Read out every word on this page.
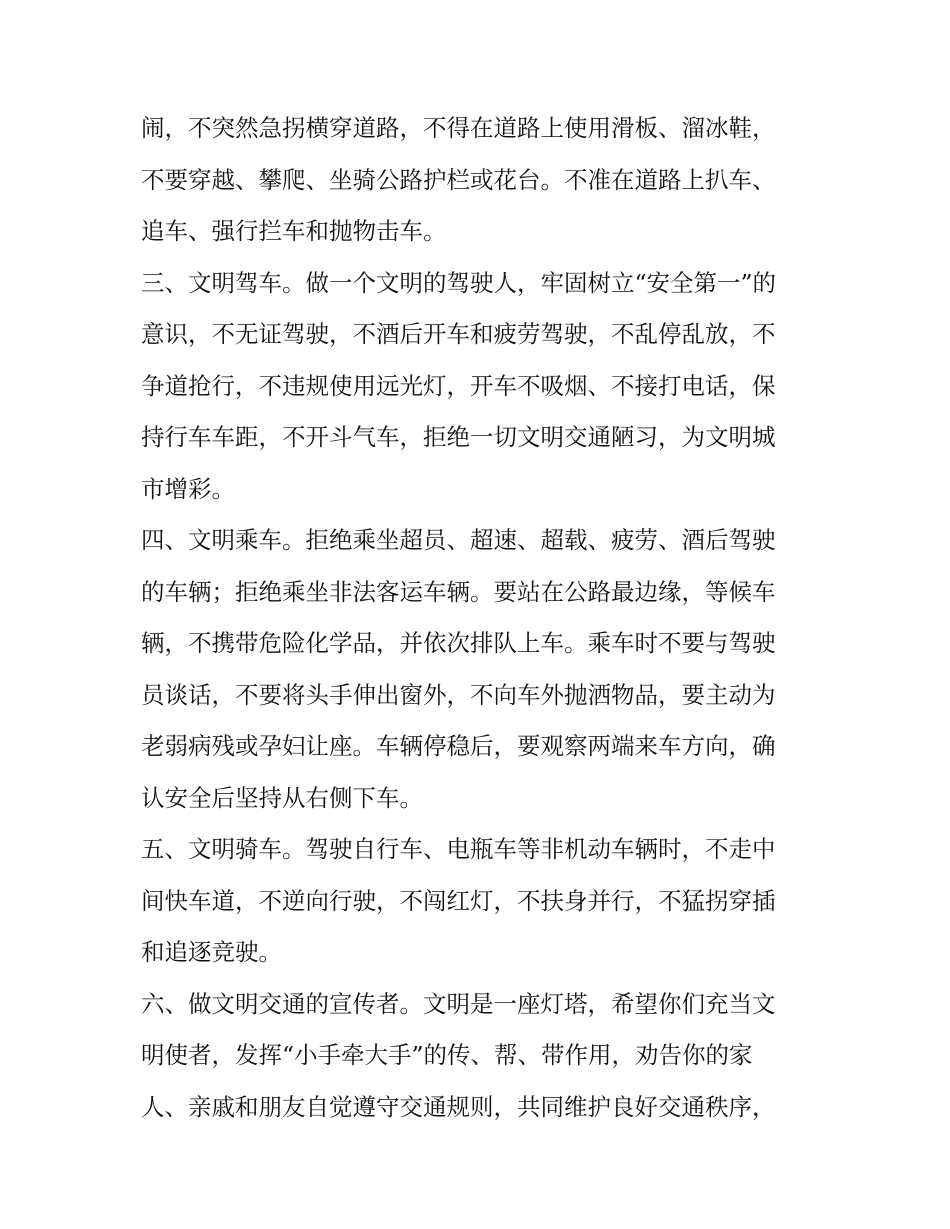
闹，不突然急拐横穿道路，不得在道路上使用滑板、溜冰鞋，
不要穿越、攀爬、坐骑公路护栏或花台。不准在道路上扒车、
追车、强行拦车和抛物击车。
三、文明驾车。做一个文明的驾驶人，牢固树立“安全第一”的
意识，不无证驾驶，不酒后开车和疲劳驾驶，不乱停乱放，不
争道抢行，不违规使用远光灯，开车不吸烟、不接打电话，保
持行车车距，不开斗气车，拒绝一切文明交通陋习，为文明城
市增彩。
四、文明乘车。拒绝乘坐超员、超速、超载、疲劳、酒后驾驶
的车辆；拒绝乘坐非法客运车辆。要站在公路最边缘，等候车
辆，不携带危险化学品，并依次排队上车。乘车时不要与驾驶
员谈话，不要将头手伸出窗外，不向车外抛洒物品，要主动为
老弱病残或孕妇让座。车辆停稳后，要观察两端来车方向，确
认安全后坚持从右侧下车。
五、文明骑车。驾驶自行车、电瓶车等非机动车辆时，不走中
间快车道，不逆向行驶，不闯红灯，不扶身并行，不猛拐穿插
和追逐竞驶。
六、做文明交通的宣传者。文明是一座灯塔，希望你们充当文
明使者，发挥“小手牵大手”的传、帮、带作用，劝告你的家
人、亲戚和朋友自觉遵守交通规则，共同维护良好交通秩序，
